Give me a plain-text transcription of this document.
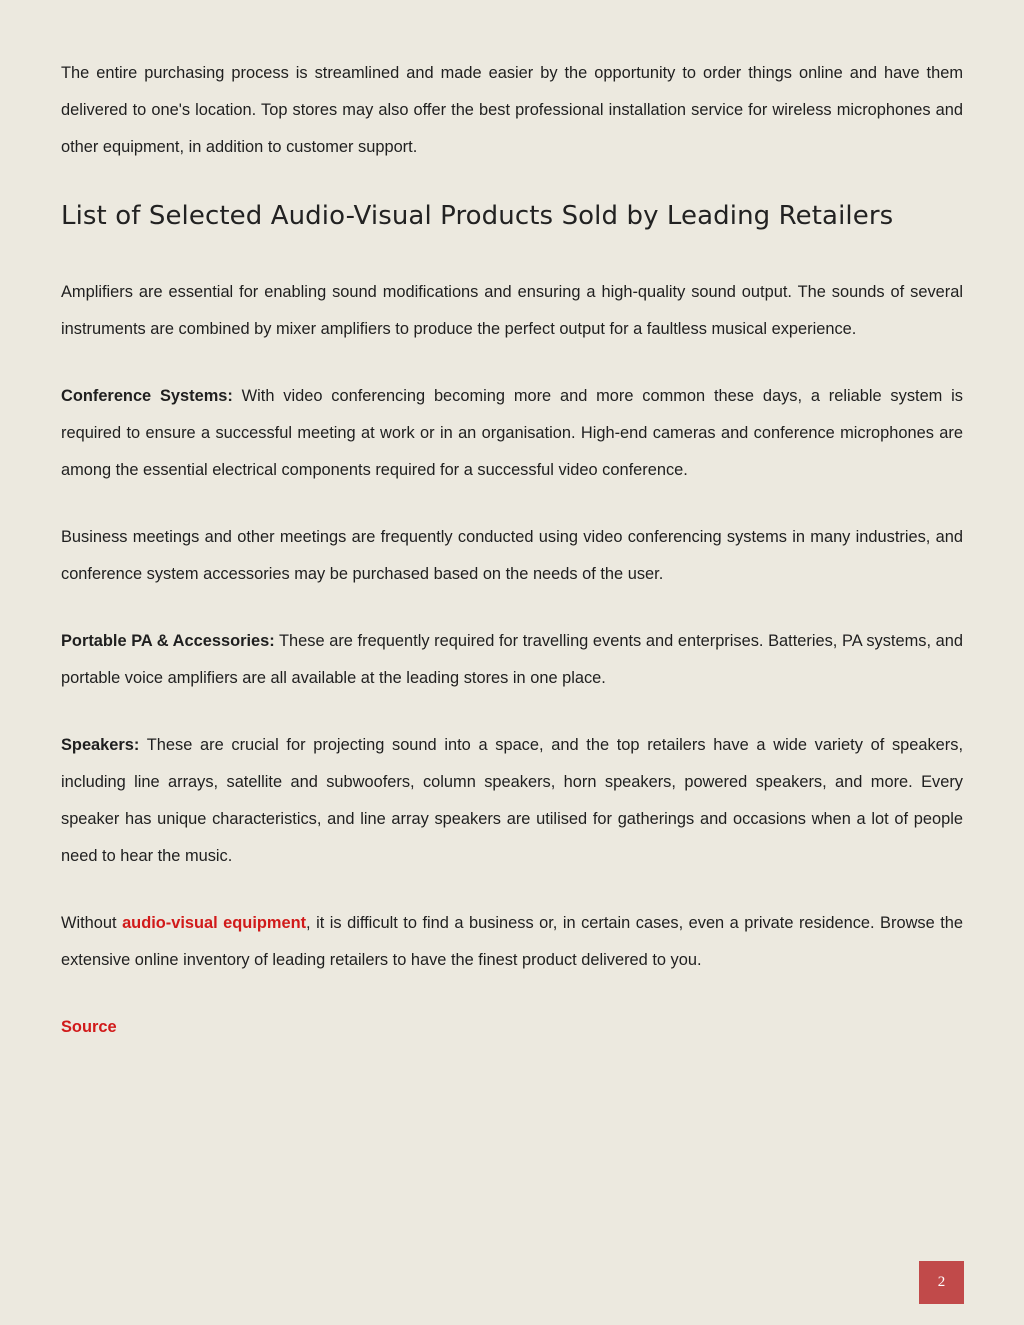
The entire purchasing process is streamlined and made easier by the opportunity to order things online and have them delivered to one's location. Top stores may also offer the best professional installation service for wireless microphones and other equipment, in addition to customer support.

List of Selected Audio-Visual Products Sold by Leading Retailers

Amplifiers are essential for enabling sound modifications and ensuring a high-quality sound output. The sounds of several instruments are combined by mixer amplifiers to produce the perfect output for a faultless musical experience.

Conference Systems: With video conferencing becoming more and more common these days, a reliable system is required to ensure a successful meeting at work or in an organisation. High-end cameras and conference microphones are among the essential electrical components required for a successful video conference.

Business meetings and other meetings are frequently conducted using video conferencing systems in many industries, and conference system accessories may be purchased based on the needs of the user.

Portable PA & Accessories: These are frequently required for travelling events and enterprises. Batteries, PA systems, and portable voice amplifiers are all available at the leading stores in one place.

Speakers: These are crucial for projecting sound into a space, and the top retailers have a wide variety of speakers, including line arrays, satellite and subwoofers, column speakers, horn speakers, powered speakers, and more. Every speaker has unique characteristics, and line array speakers are utilised for gatherings and occasions when a lot of people need to hear the music.

Without audio-visual equipment, it is difficult to find a business or, in certain cases, even a private residence. Browse the extensive online inventory of leading retailers to have the finest product delivered to you.

Source
2
